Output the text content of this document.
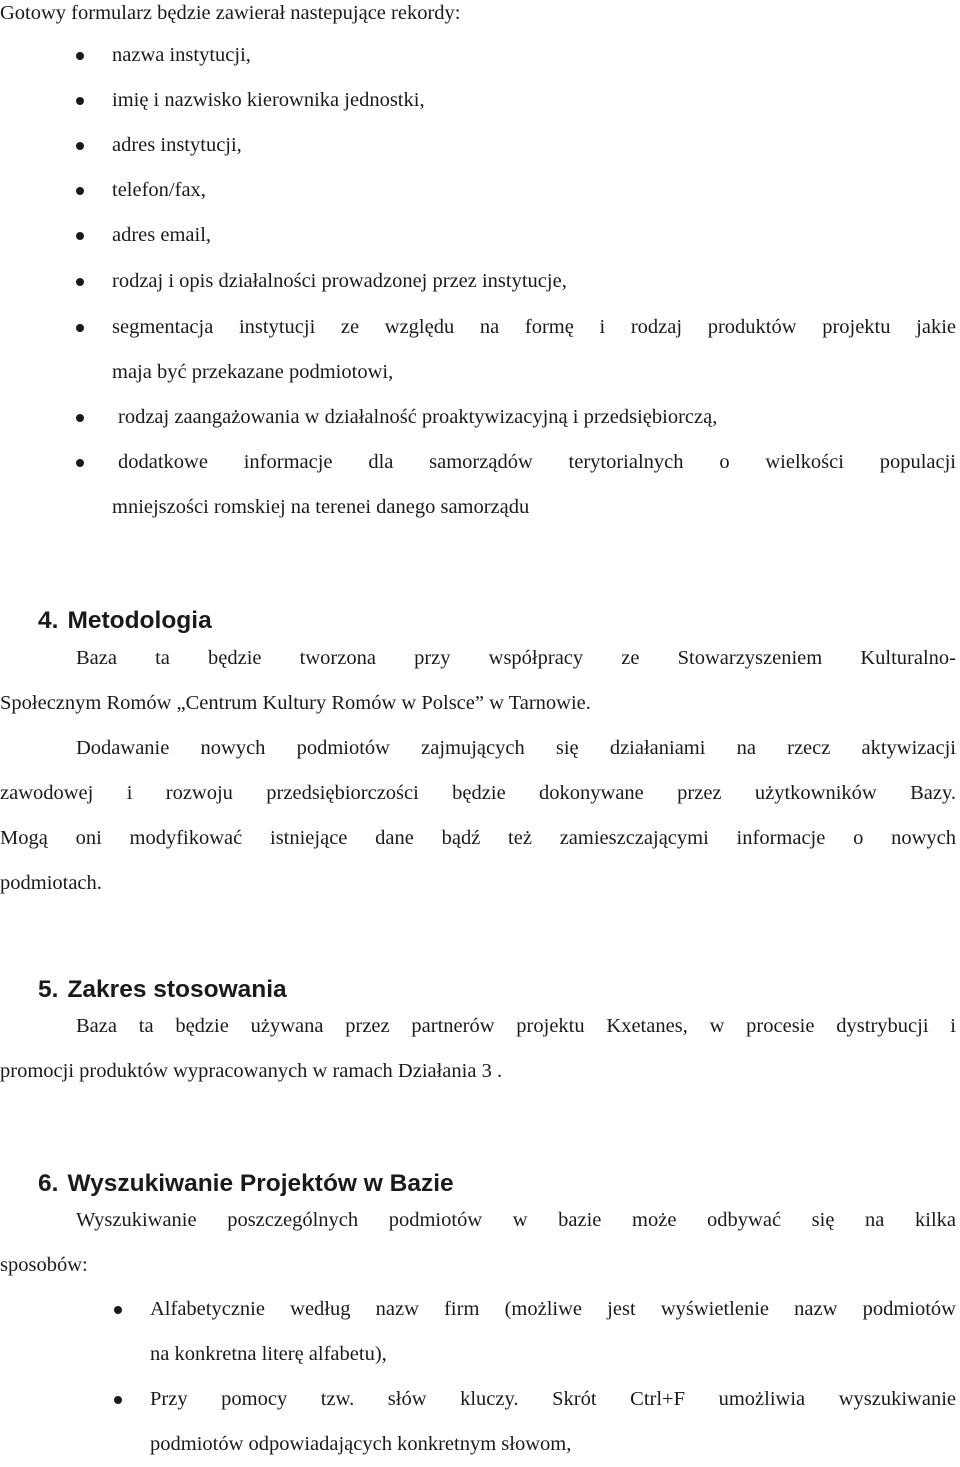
Gotowy formularz będzie zawierał nastepujące rekordy:
nazwa instytucji,
imię i nazwisko kierownika jednostki,
adres instytucji,
telefon/fax,
adres email,
rodzaj i opis działalności prowadzonej przez instytucje,
segmentacja instytucji ze względu na formę i rodzaj produktów projektu jakie
maja być przekazane podmiotowi,
rodzaj zaangażowania w działalność proaktywizacyjną i przedsiębiorczą,
dodatkowe informacje dla samorządów terytorialnych o wielkości populacji
mniejszości romskiej na terenei danego samorządu
4. Metodologia
Baza ta będzie tworzona przy współpracy ze Stowarzyszeniem Kulturalno-
Społecznym Romów „Centrum Kultury Romów w Polsce” w Tarnowie.
Dodawanie nowych podmiotów zajmujących się działaniami na rzecz aktywizacji
zawodowej i rozwoju przedsiębiorczości będzie dokonywane przez użytkowników Bazy.
Mogą oni modyfikować istniejące dane bądź też zamieszczającymi informacje o nowych
podmiotach.
5. Zakres stosowania
Baza ta będzie używana przez partnerów projektu Kxetanes, w procesie dystrybucji i
promocji produktów wypracowanych w ramach Działania 3 .
6. Wyszukiwanie Projektów w Bazie
Wyszukiwanie poszczególnych podmiotów w bazie może odbywać się na kilka
sposobów:
Alfabetycznie według nazw firm (możliwe jest wyświetlenie nazw podmiotów
na konkretna literę alfabetu),
Przy pomocy tzw. słów kluczy. Skrót Ctrl+F umożliwia wyszukiwanie
podmiotów odpowiadających konkretnym słowom,
